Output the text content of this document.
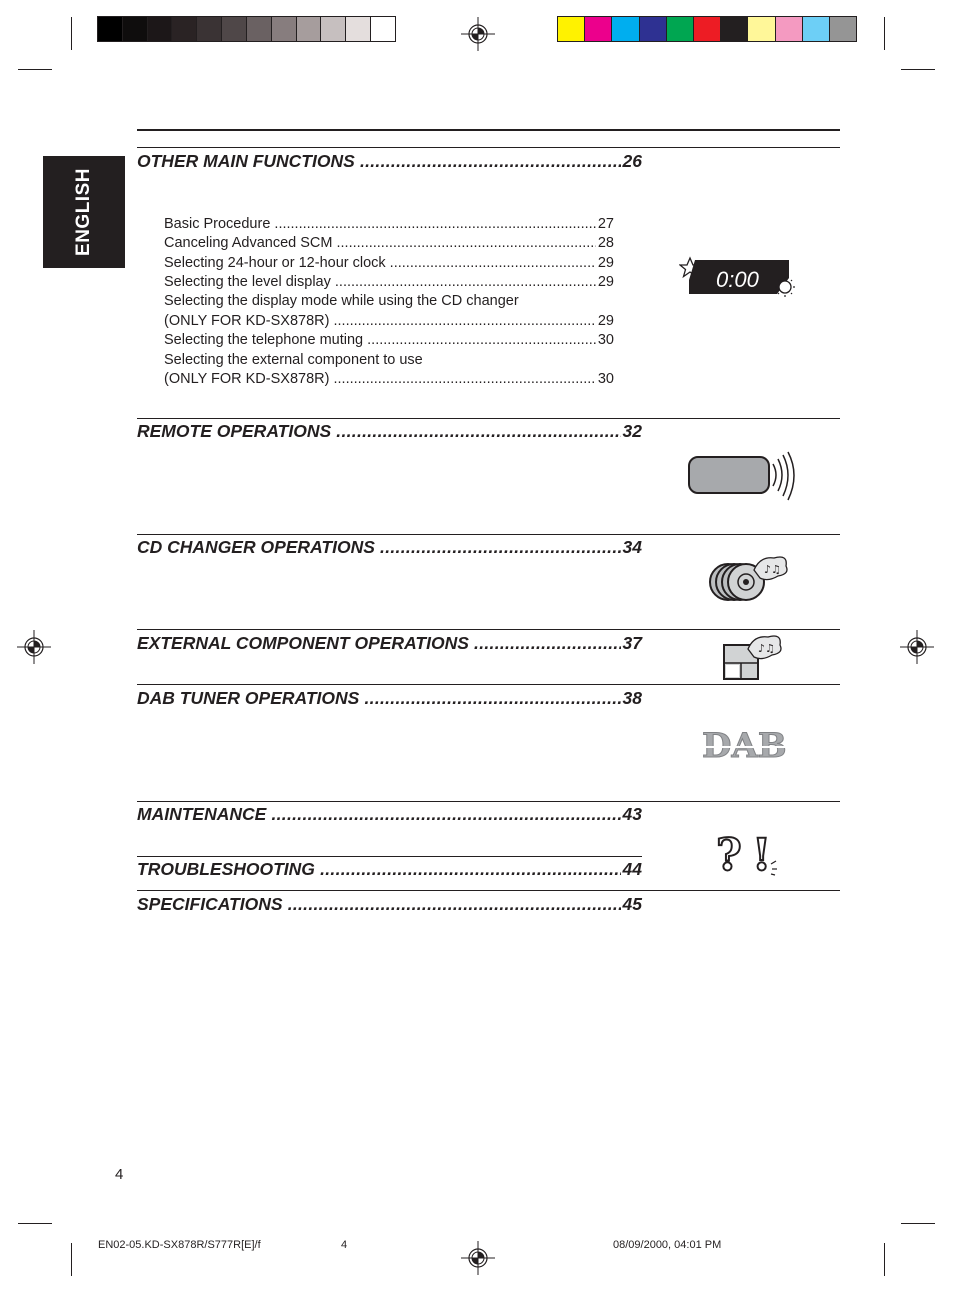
ENGLISH
OTHER MAIN FUNCTIONS .....	26
REMOTE OPERATIONS .....	32
CD CHANGER OPERATIONS .....	34
EXTERNAL COMPONENT OPERATIONS .....	37
DAB TUNER OPERATIONS .....	38
MAINTENANCE .....	43
TROUBLESHOOTING .....	44
SPECIFICATIONS .....	45
Basic Procedure .....	27
Canceling Advanced SCM .....	28
Selecting 24-hour or 12-hour clock .....	29
Selecting the level display .....	29
Selecting the display mode while using the CD changer
(ONLY FOR KD-SX878R) .....	29
Selecting the telephone muting .....	30
Selecting the external component to use
(ONLY FOR KD-SX878R) .....	30
0:00
♪♫
♪♫
DAB
? !
4
EN02-05.KD-SX878R/S777R[E]/f	4	08/09/2000, 04:01 PM
